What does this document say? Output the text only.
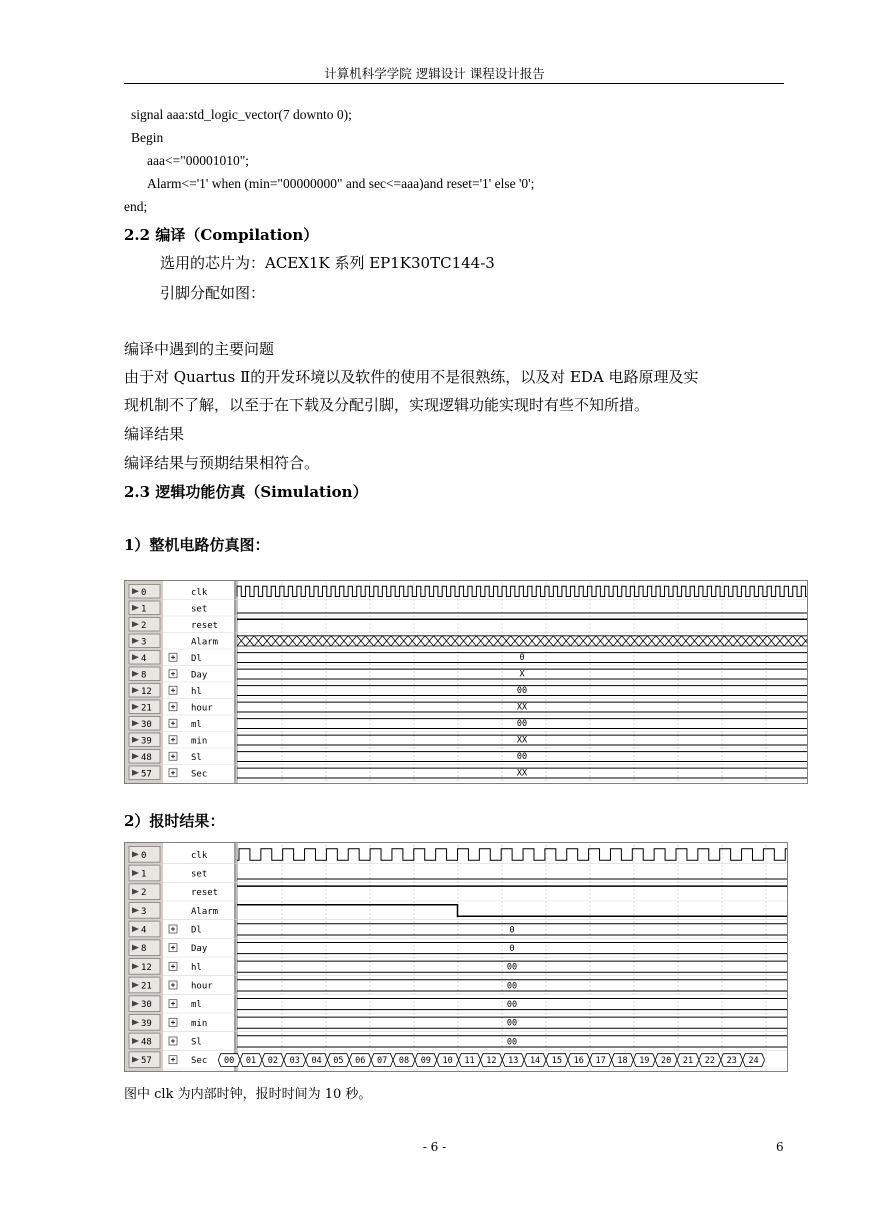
计算机科学学院 逻辑设计 课程设计报告
signal aaa:std_logic_vector(7 downto 0);
Begin
aaa<="00001010";
Alarm<='1' when (min="00000000" and sec<=aaa)and reset='1' else '0';
end;
2.2 编译（Compilation）
选用的芯片为：ACEX1K 系列 EP1K30TC144-3
引脚分配如图：
编译中遇到的主要问题
由于对 Quartus Ⅱ的开发环境以及软件的使用不是很熟练，以及对 EDA 电路原理及实
现机制不了解，以至于在下载及分配引脚，实现逻辑功能实现时有些不知所措。
编译结果
编译结果与预期结果相符合。
2.3 逻辑功能仿真（Simulation）
1）整机电路仿真图：
0	clk
1	set
2	reset
3	Alarm
4	Dl	0
8	Day	X
12	hl	00
21	hour	XX
30	ml	00
39	min	XX
48	Sl	00
57	Sec	XX
2）报时结果：
0	clk
1	set
2	reset
3	Alarm
4	Dl	0
8	Day	0
12	hl	00
21	hour	00
30	ml	00
39	min	00
48	Sl	00
57	Sec 00 01 02 03 04 05 06 07 08 09 10 11 12 13 14 15 16 17 18 19 20 21 22 23 24
图中 clk 为内部时钟，报时时间为 10 秒。
- 6 -	6
